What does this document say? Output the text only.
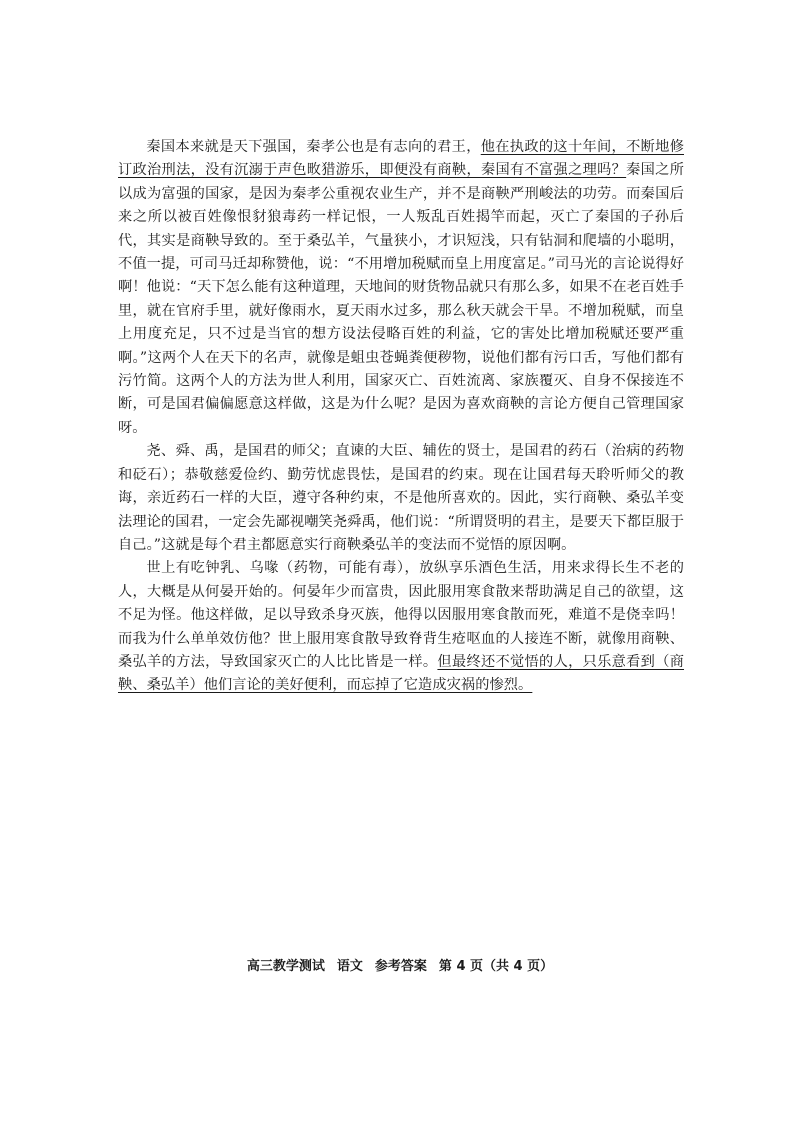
秦国本来就是天下强国，秦孝公也是有志向的君王，他在执政的这十年间，不断地修订政治刑法，没有沉溺于声色畋猎游乐，即便没有商鞅，秦国有不富强之理吗？秦国之所以成为富强的国家，是因为秦孝公重视农业生产，并不是商鞅严刑峻法的功劳。而秦国后来之所以被百姓像恨豺狼毒药一样记恨，一人叛乱百姓揭竿而起，灭亡了秦国的子孙后代，其实是商鞅导致的。至于桑弘羊，气量狭小，才识短浅，只有钻洞和爬墙的小聪明，不值一提，可司马迁却称赞他，说：“不用增加税赋而皇上用度富足。”司马光的言论说得好啊！他说：“天下怎么能有这种道理，天地间的财货物品就只有那么多，如果不在老百姓手里，就在官府手里，就好像雨水，夏天雨水过多，那么秋天就会干旱。不增加税赋，而皇上用度充足，只不过是当官的想方设法侵略百姓的利益，它的害处比增加税赋还要严重啊。”这两个人在天下的名声，就像是蛆虫苍蝇粪便秽物，说他们都有污口舌，写他们都有污竹简。这两个人的方法为世人利用，国家灭亡、百姓流离、家族覆灭、自身不保接连不断，可是国君偏偏愿意这样做，这是为什么呢？是因为喜欢商鞅的言论方便自己管理国家呀。

尧、舜、禹，是国君的师父；直谏的大臣、辅佐的贤士，是国君的药石（治病的药物和砭石）；恭敬慈爱俭约、勤劳忧虑畏怯，是国君的约束。现在让国君每天聆听师父的教诲，亲近药石一样的大臣，遵守各种约束，不是他所喜欢的。因此，实行商鞅、桑弘羊变法理论的国君，一定会先鄙视嘲笑尧舜禹，他们说：“所谓贤明的君主，是要天下都臣服于自己。”这就是每个君主都愿意实行商鞅桑弘羊的变法而不觉悟的原因啊。

世上有吃钟乳、乌喙（药物，可能有毒），放纵享乐酒色生活，用来求得长生不老的人，大概是从何晏开始的。何晏年少而富贵，因此服用寒食散来帮助满足自己的欲望，这不足为怪。他这样做，足以导致杀身灭族，他得以因服用寒食散而死，难道不是侥幸吗！而我为什么单单效仿他？世上服用寒食散导致脊背生疮呕血的人接连不断，就像用商鞅、桑弘羊的方法，导致国家灭亡的人比比皆是一样。但最终还不觉悟的人，只乐意看到（商鞅、桑弘羊）他们言论的美好便利，而忘掉了它造成灾祸的惨烈。

高三教学测试 语文 参考答案 第 4 页（共 4 页）
